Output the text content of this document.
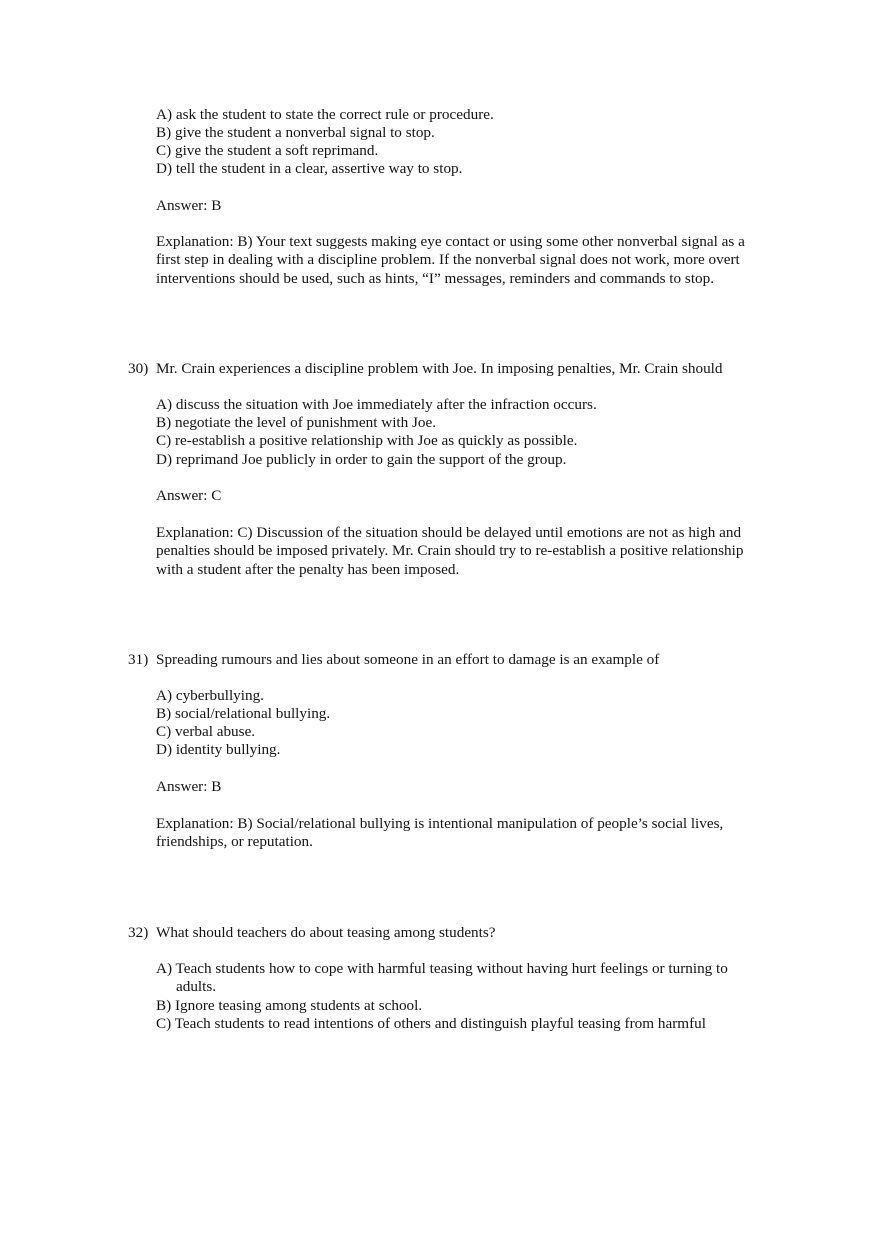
A) ask the student to state the correct rule or procedure.
B) give the student a nonverbal signal to stop.
C) give the student a soft reprimand.
D) tell the student in a clear, assertive way to stop.
Answer: B
Explanation: B) Your text suggests making eye contact or using some other nonverbal signal as a
first step in dealing with a discipline problem. If the nonverbal signal does not work, more overt
interventions should be used, such as hints, “I” messages, reminders and commands to stop.
30) Mr. Crain experiences a discipline problem with Joe. In imposing penalties, Mr. Crain should
A) discuss the situation with Joe immediately after the infraction occurs.
B) negotiate the level of punishment with Joe.
C) re-establish a positive relationship with Joe as quickly as possible.
D) reprimand Joe publicly in order to gain the support of the group.
Answer: C
Explanation: C) Discussion of the situation should be delayed until emotions are not as high and
penalties should be imposed privately. Mr. Crain should try to re-establish a positive relationship
with a student after the penalty has been imposed.
31) Spreading rumours and lies about someone in an effort to damage is an example of
A) cyberbullying.
B) social/relational bullying.
C) verbal abuse.
D) identity bullying.
Answer: B
Explanation: B) Social/relational bullying is intentional manipulation of people’s social lives,
friendships, or reputation.
32) What should teachers do about teasing among students?
A) Teach students how to cope with harmful teasing without having hurt feelings or turning to
adults.
B) Ignore teasing among students at school.
C) Teach students to read intentions of others and distinguish playful teasing from harmful
